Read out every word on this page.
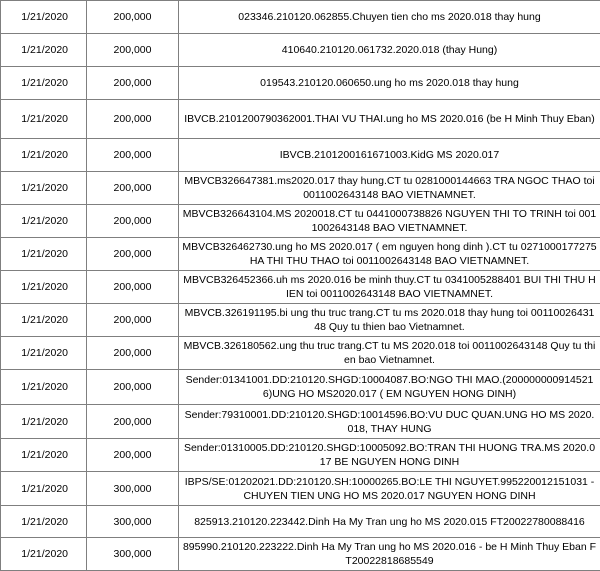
1/21/2020	200,000	023346.210120.062855.Chuyen tien cho ms 2020.018 thay hung
1/21/2020	200,000	410640.210120.061732.2020.018 (thay Hung)
1/21/2020	200,000	019543.210120.060650.ung ho ms 2020.018 thay hung
1/21/2020	200,000	IBVCB.2101200790362001.THAI VU THAI.ung ho MS 2020.016 (be H Minh Thuy Eban)
1/21/2020	200,000	IBVCB.2101200161671003.KidG MS 2020.017
1/21/2020	200,000	MBVCB326647381.ms2020.017 thay hung.CT tu 0281000144663 TRA NGOC THAO toi 0011002643148 BAO VIETNAMNET.
1/21/2020	200,000	MBVCB326643104.MS 2020018.CT tu 0441000738826 NGUYEN THI TO TRINH toi 0011002643148 BAO VIETNAMNET.
1/21/2020	200,000	MBVCB326462730.ung ho MS 2020.017 ( em nguyen hong dinh ).CT tu 0271000177275 HA THI THU THAO toi 0011002643148 BAO VIETNAMNET.
1/21/2020	200,000	MBVCB326452366.uh ms 2020.016 be minh thuy.CT tu 0341005288401 BUI THI THU HIEN toi 0011002643148 BAO VIETNAMNET.
1/21/2020	200,000	MBVCB.326191195.bi ung thu truc trang.CT tu ms 2020.018 thay hung toi 0011002643148 Quy tu thien bao Vietnamnet.
1/21/2020	200,000	MBVCB.326180562.ung thu truc trang.CT tu MS 2020.018 toi 0011002643148 Quy tu thien bao Vietnamnet.
1/21/2020	200,000	Sender:01341001.DD:210120.SHGD:10004087.BO:NGO THI MAO.(2000000009145216)UNG HO MS2020.017 ( EM NGUYEN HONG DINH)
1/21/2020	200,000	Sender:79310001.DD:210120.SHGD:10014596.BO:VU DUC QUAN.UNG HO MS 2020.018, THAY HUNG
1/21/2020	200,000	Sender:01310005.DD:210120.SHGD:10005092.BO:TRAN THI HUONG TRA.MS 2020.017 BE NGUYEN HONG DINH
1/21/2020	300,000	IBPS/SE:01202021.DD:210120.SH:10000265.BO:LE THI NGUYET.995220012151031 - CHUYEN TIEN UNG HO MS 2020.017 NGUYEN HONG DINH
1/21/2020	300,000	825913.210120.223442.Dinh Ha My Tran ung ho MS 2020.015 FT20022780088416
1/21/2020	300,000	895990.210120.223222.Dinh Ha My Tran ung ho MS 2020.016 - be H Minh Thuy Eban FT20022818685549
